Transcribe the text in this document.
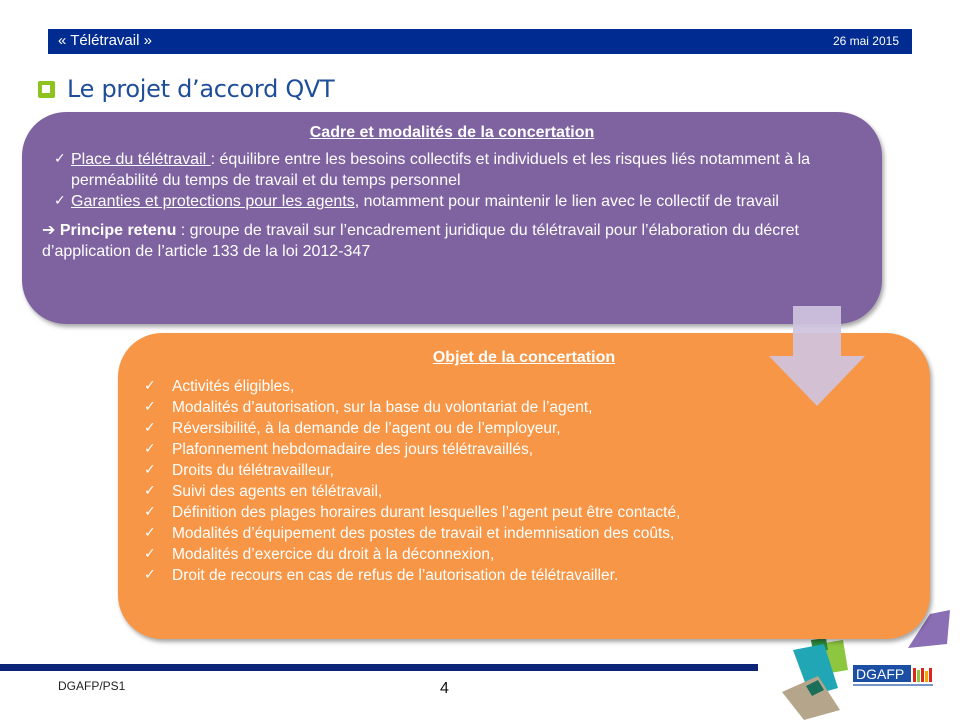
« Télétravail »	26 mai 2015
Le projet d’accord QVT
Cadre et modalités de la concertation
✓ Place du télétravail : équilibre entre les besoins collectifs et individuels et les risques liés notamment à la perméabilité du temps de travail et du temps personnel
✓ Garanties et protections pour les agents, notamment pour maintenir le lien avec le collectif de travail
➔ Principe retenu : groupe de travail sur l’encadrement juridique du télétravail pour l’élaboration du décret d’application de l’article 133 de la loi 2012-347
Objet de la concertation
✓ Activités éligibles,
✓ Modalités d’autorisation, sur la base du volontariat de l’agent,
✓ Réversibilité, à la demande de l’agent ou de l’employeur,
✓ Plafonnement hebdomadaire des jours télétravaillés,
✓ Droits du télétravailleur,
✓ Suivi des agents en télétravail,
✓ Définition des plages horaires durant lesquelles l’agent peut être contacté,
✓ Modalités d’équipement des postes de travail et indemnisation des coûts,
✓ Modalités d’exercice du droit à la déconnexion,
✓ Droit de recours en cas de refus de l’autorisation de télétravailler.
DGAFP
DGAFP/PS1	4
